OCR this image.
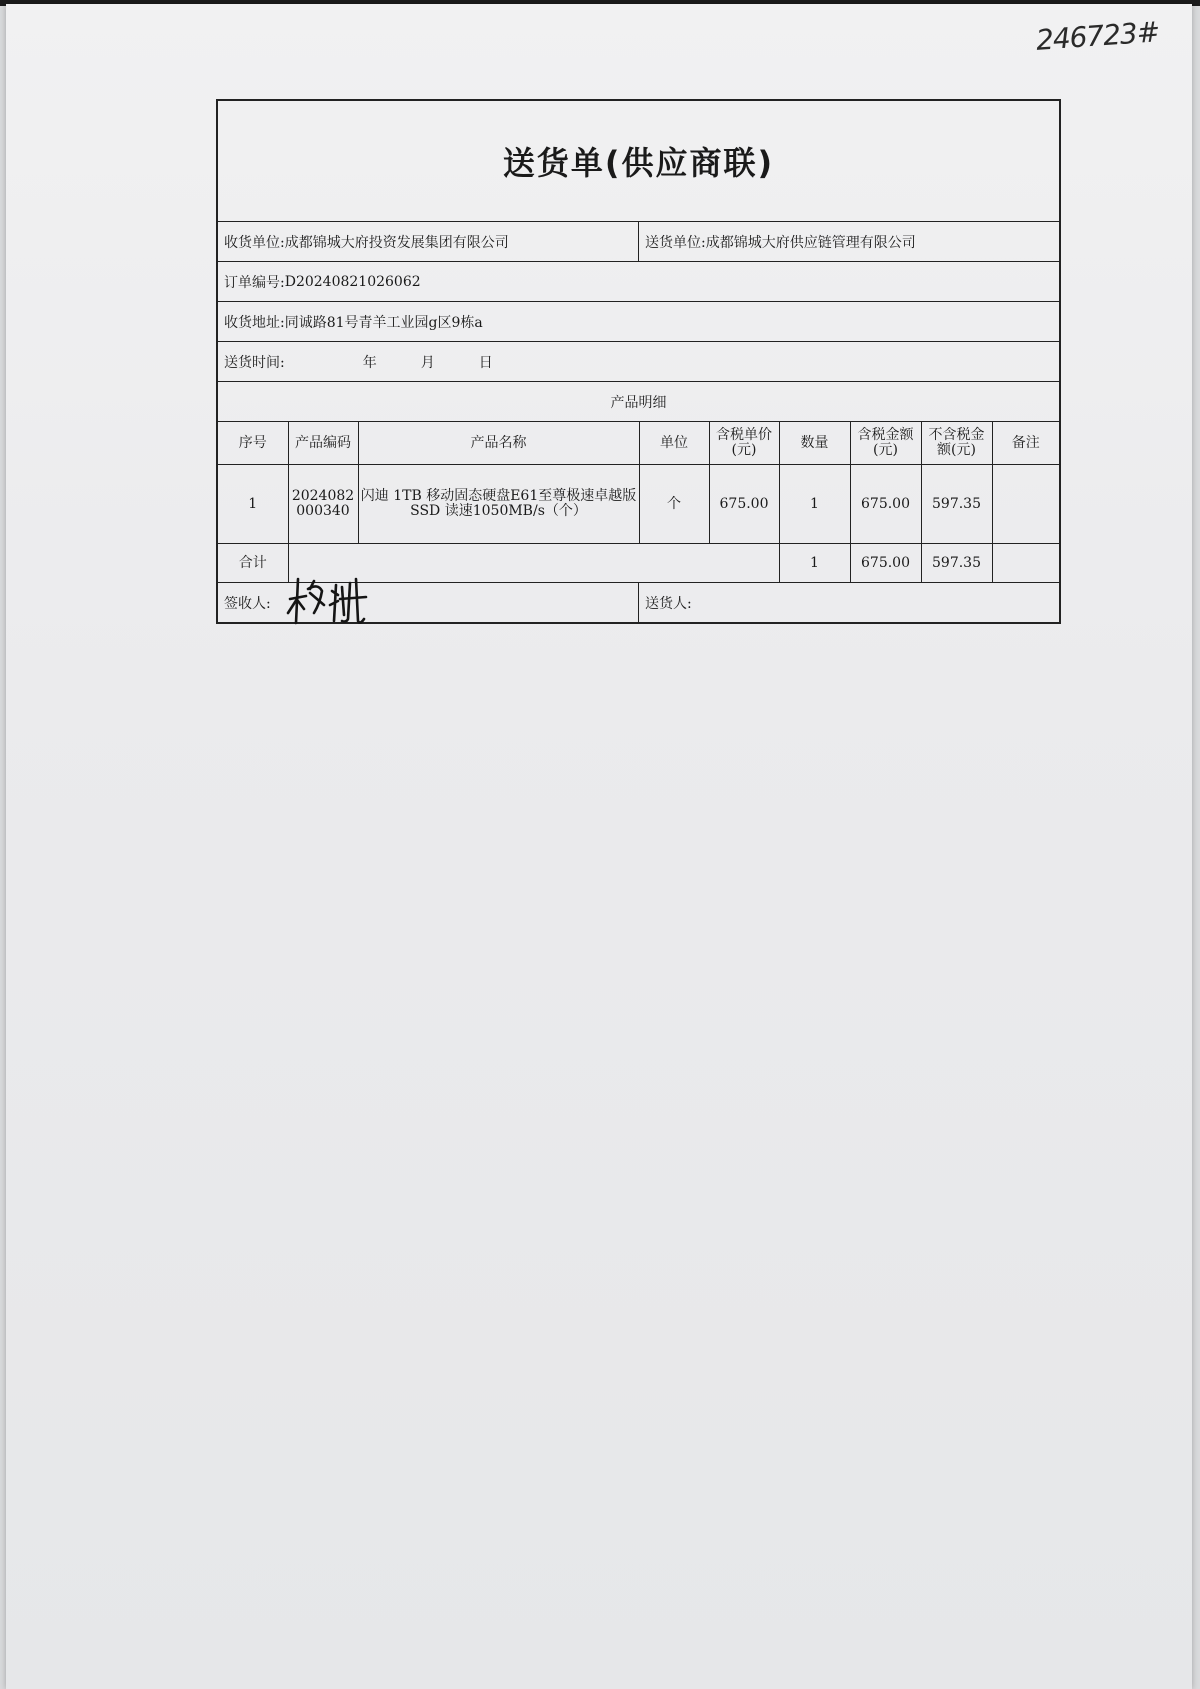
246723#
送货单(供应商联)
收货单位: 成都锦城大府投资发展集团有限公司	送货单位: 成都锦城大府供应链管理有限公司
订单编号: D20240821026062
收货地址: 同诚路81号青羊工业园g区9栋a
送货时间:	年	月	日
产品明细
序号	产品编码	产品名称	单位	含税单价(元)	数量	含税金额(元)	不含税金额(元)	备注
1	2024082000340	闪迪 1TB 移动固态硬盘E61至尊极速卓越版SSD 读速1050MB/s（个）	个	675.00	1	675.00	597.35	
合计					1	675.00	597.35	
签收人:	送货人:
